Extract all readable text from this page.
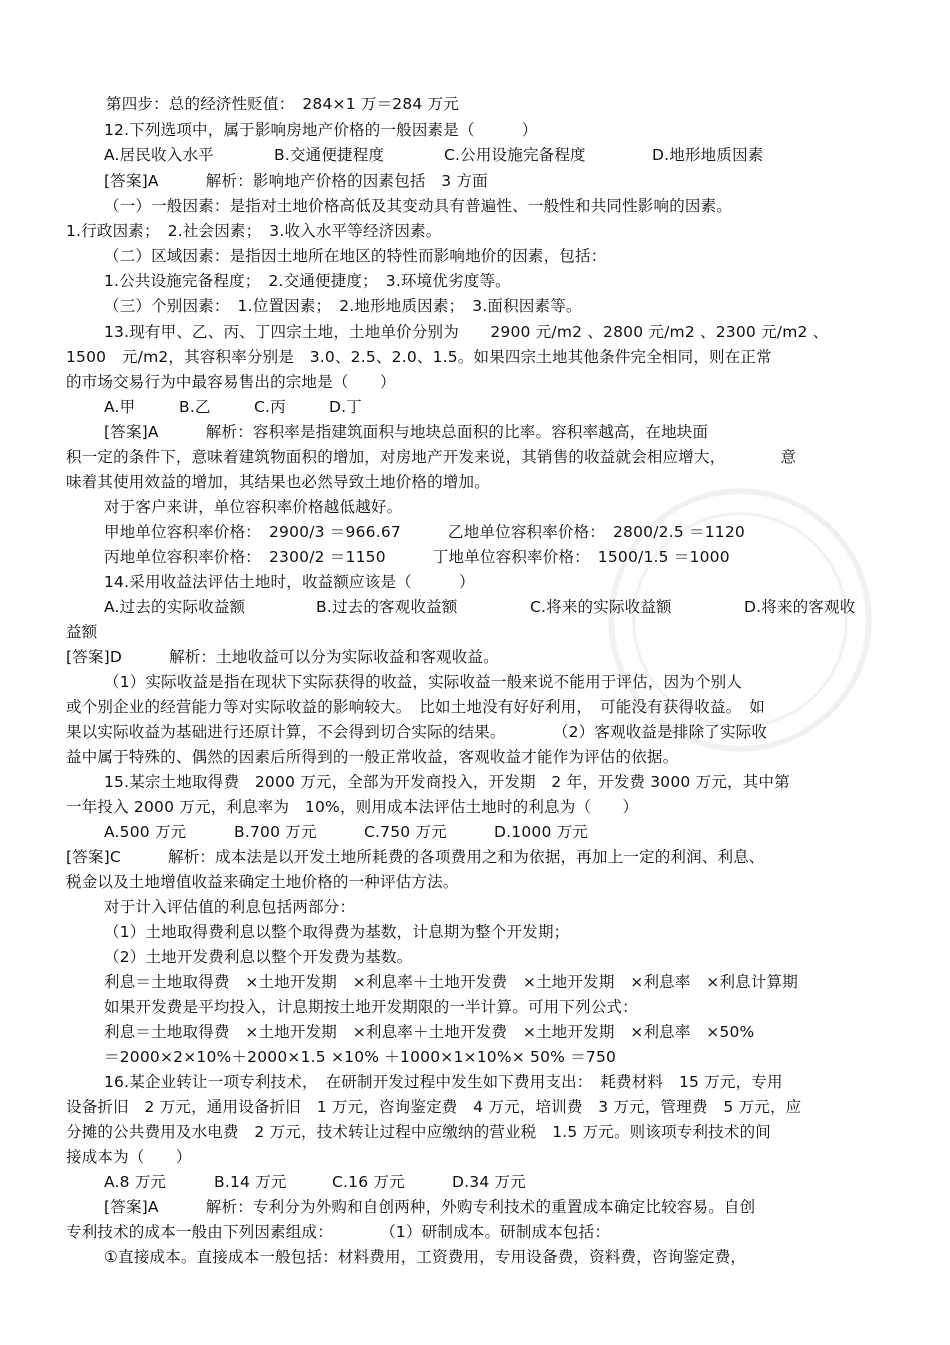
第四步：总的经济性贬值：　284×1 万＝284 万元
12.下列选项中，属于影响房地产价格的一般因素是（　　　）
A.居民收入水平	B.交通便捷程度	C.公用设施完备程度	D.地形地质因素
[答案]A　　　解析：影响地产价格的因素包括　3 方面
（一）一般因素：是指对土地价格高低及其变动具有普遍性、一般性和共同性影响的因素。
1.行政因素；　2.社会因素；　3.收入水平等经济因素。
（二）区域因素：是指因土地所在地区的特性而影响地价的因素，包括：
1.公共设施完备程度；　2.交通便捷度；　3.环境优劣度等。
（三）个别因素：　1.位置因素；　2.地形地质因素；　3.面积因素等。
13.现有甲、乙、丙、丁四宗土地，土地单价分别为　　2900 元/m2 、2800 元/m2 、2300 元/m2 、
1500　元/m2，其容积率分别是　3.0、2.5、2.0、1.5。如果四宗土地其他条件完全相同，则在正常
的市场交易行为中最容易售出的宗地是（　　）
A.甲	B.乙	C.丙	D.丁
[答案]A　　　解析：容积率是指建筑面积与地块总面积的比率。容积率越高，在地块面
积一定的条件下，意味着建筑物面积的增加，对房地产开发来说，其销售的收益就会相应增大，　　　　意
味着其使用效益的增加，其结果也必然导致土地价格的增加。
对于客户来讲，单位容积率价格越低越好。
甲地单位容积率价格：　2900/3 ＝966.67　　　乙地单位容积率价格：　2800/2.5 ＝1120
丙地单位容积率价格：　2300/2 ＝1150　　　丁地单位容积率价格：　1500/1.5 ＝1000
14.采用收益法评估土地时，收益额应该是（　　　）
A.过去的实际收益额	B.过去的客观收益额	C.将来的实际收益额	D.将来的客观收
益额
[答案]D　　　解析：土地收益可以分为实际收益和客观收益。
（1）实际收益是指在现状下实际获得的收益，实际收益一般来说不能用于评估，因为个别人
或个别企业的经营能力等对实际收益的影响较大。　比如土地没有好好利用，　可能没有获得收益。　如
果以实际收益为基础进行还原计算，不会得到切合实际的结果。　　　　（2）客观收益是排除了实际收
益中属于特殊的、偶然的因素后所得到的一般正常收益，客观收益才能作为评估的依据。
15.某宗土地取得费　2000 万元，全部为开发商投入，开发期　2 年，开发费 3000 万元，其中第
一年投入 2000 万元，利息率为　10%，则用成本法评估土地时的利息为（　　）
A.500 万元	B.700 万元	C.750 万元	D.1000 万元
[答案]C　　　解析：成本法是以开发土地所耗费的各项费用之和为依据，再加上一定的利润、利息、
税金以及土地增值收益来确定土地价格的一种评估方法。
对于计入评估值的利息包括两部分：
（1）土地取得费利息以整个取得费为基数，计息期为整个开发期；
（2）土地开发费利息以整个开发费为基数。
利息＝土地取得费　×土地开发期　×利息率＋土地开发费　×土地开发期　×利息率　×利息计算期
如果开发费是平均投入，计息期按土地开发期限的一半计算。可用下列公式：
利息＝土地取得费　×土地开发期　×利息率＋土地开发费　×土地开发期　×利息率　×50%
＝2000×2×10%＋2000×1.5 ×10% ＋1000×1×10%× 50% ＝750
16.某企业转让一项专利技术，　在研制开发过程中发生如下费用支出：　耗费材料　15 万元，专用
设备折旧　2 万元，通用设备折旧　1 万元，咨询鉴定费　4 万元，培训费　3 万元，管理费　5 万元，应
分摊的公共费用及水电费　2 万元，技术转让过程中应缴纳的营业税　1.5 万元。则该项专利技术的间
接成本为（　　）
A.8 万元	B.14 万元	C.16 万元	D.34 万元
[答案]A　　　解析：专利分为外购和自创两种，外购专利技术的重置成本确定比较容易。自创
专利技术的成本一般由下列因素组成：　　　　（1）研制成本。研制成本包括：
①直接成本。直接成本一般包括：材料费用，工资费用，专用设备费，资料费，咨询鉴定费，
